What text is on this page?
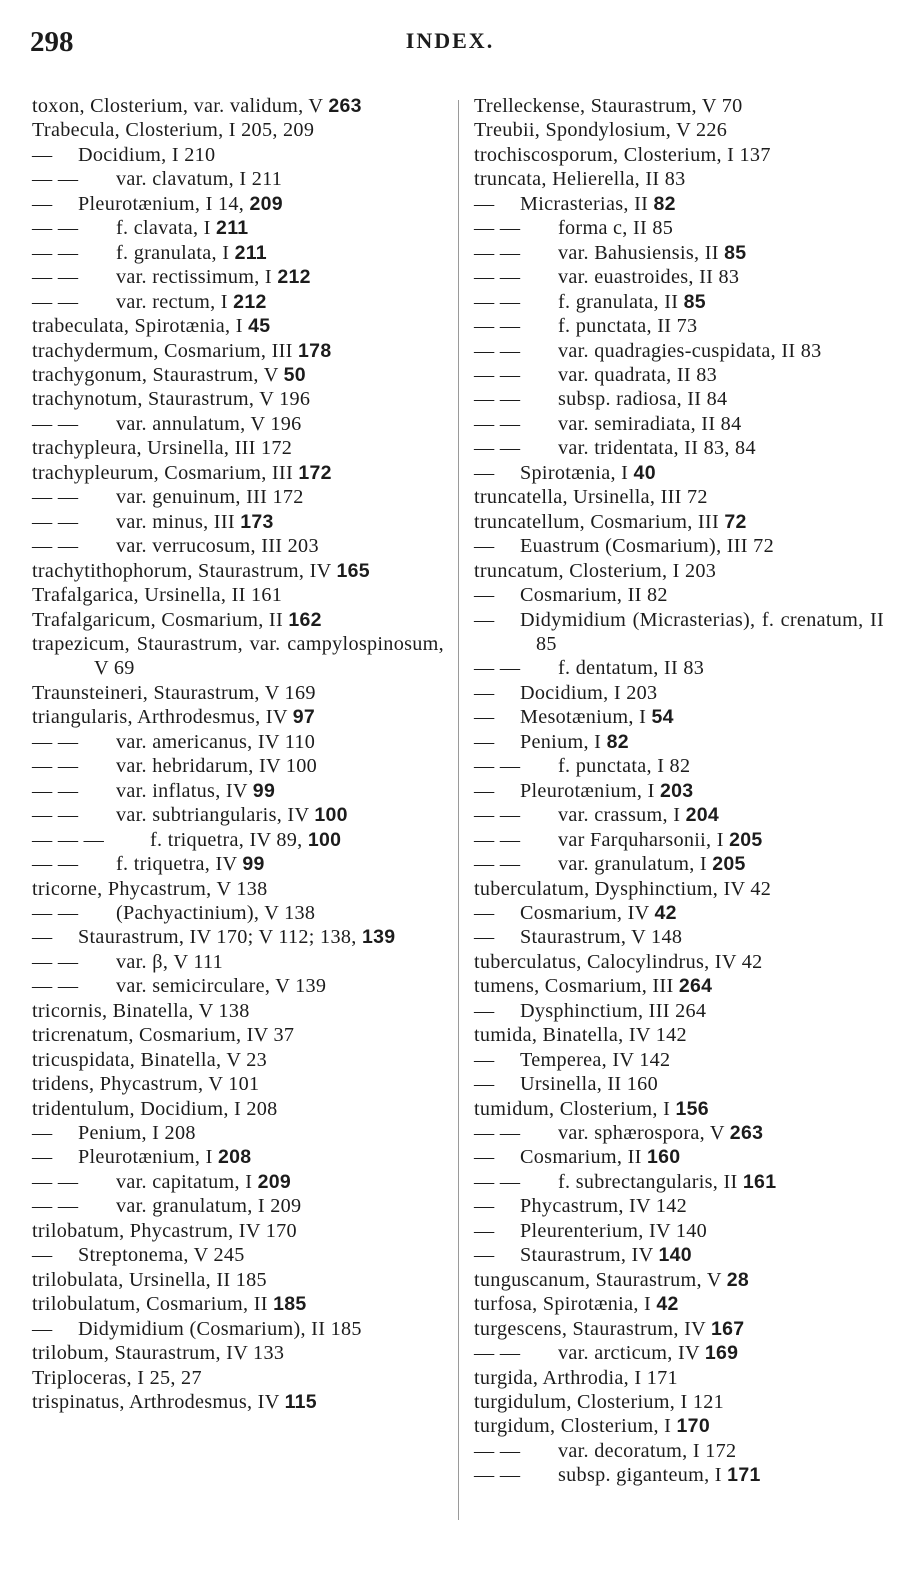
298	INDEX.
toxon, Closterium, var. validum, V 263
Trabecula, Closterium, I 205, 209
—Docidium, I 210
— —var. clavatum, I 211
—Pleurotænium, I 14, 209
— —f. clavata, I 211
— —f. granulata, I 211
— —var. rectissimum, I 212
— —var. rectum, I 212
trabeculata, Spirotænia, I 45
trachydermum, Cosmarium, III 178
trachygonum, Staurastrum, V 50
trachynotum, Staurastrum, V 196
— —var. annulatum, V 196
trachypleura, Ursinella, III 172
trachypleurum, Cosmarium, III 172
— —var. genuinum, III 172
— —var. minus, III 173
— —var. verrucosum, III 203
trachytithophorum, Staurastrum, IV 165
Trafalgarica, Ursinella, II 161
Trafalgaricum, Cosmarium, II 162
trapezicum, Staurastrum, var. campylospinosum, V 69
Traunsteineri, Staurastrum, V 169
triangularis, Arthrodesmus, IV 97
— —var. americanus, IV 110
— —var. hebridarum, IV 100
— —var. inflatus, IV 99
— —var. subtriangularis, IV 100
— — —f. triquetra, IV 89, 100
— —f. triquetra, IV 99
tricorne, Phycastrum, V 138
— —(Pachyactinium), V 138
—Staurastrum, IV 170; V 112; 138, 139
— —var. β, V 111
— —var. semicirculare, V 139
tricornis, Binatella, V 138
tricrenatum, Cosmarium, IV 37
tricuspidata, Binatella, V 23
tridens, Phycastrum, V 101
tridentulum, Docidium, I 208
—Penium, I 208
—Pleurotænium, I 208
— —var. capitatum, I 209
— —var. granulatum, I 209
trilobatum, Phycastrum, IV 170
—Streptonema, V 245
trilobulata, Ursinella, II 185
trilobulatum, Cosmarium, II 185
—Didymidium (Cosmarium), II 185
trilobum, Staurastrum, IV 133
Triploceras, I 25, 27
trispinatus, Arthrodesmus, IV 115
Trelleckense, Staurastrum, V 70
Treubii, Spondylosium, V 226
trochiscosporum, Closterium, I 137
truncata, Helierella, II 83
—Micrasterias, II 82
— —forma c, II 85
— —var. Bahusiensis, II 85
— —var. euastroides, II 83
— —f. granulata, II 85
— —f. punctata, II 73
— —var. quadragies-cuspidata, II 83
— —var. quadrata, II 83
— —subsp. radiosa, II 84
— —var. semiradiata, II 84
— —var. tridentata, II 83, 84
—Spirotænia, I 40
truncatella, Ursinella, III 72
truncatellum, Cosmarium, III 72
—Euastrum (Cosmarium), III 72
truncatum, Closterium, I 203
—Cosmarium, II 82
—Didymidium (Micrasterias), f. crenatum, II 85
— —f. dentatum, II 83
—Docidium, I 203
—Mesotænium, I 54
—Penium, I 82
— —f. punctata, I 82
—Pleurotænium, I 203
— —var. crassum, I 204
— —var Farquharsonii, I 205
— —var. granulatum, I 205
tuberculatum, Dysphinctium, IV 42
—Cosmarium, IV 42
—Staurastrum, V 148
tuberculatus, Calocylindrus, IV 42
tumens, Cosmarium, III 264
—Dysphinctium, III 264
tumida, Binatella, IV 142
—Temperea, IV 142
—Ursinella, II 160
tumidum, Closterium, I 156
— —var. sphærospora, V 263
—Cosmarium, II 160
— —f. subrectangularis, II 161
—Phycastrum, IV 142
—Pleurenterium, IV 140
—Staurastrum, IV 140
tunguscanum, Staurastrum, V 28
turfosa, Spirotænia, I 42
turgescens, Staurastrum, IV 167
— —var. arcticum, IV 169
turgida, Arthrodia, I 171
turgidulum, Closterium, I 121
turgidum, Closterium, I 170
— —var. decoratum, I 172
— —subsp. giganteum, I 171
